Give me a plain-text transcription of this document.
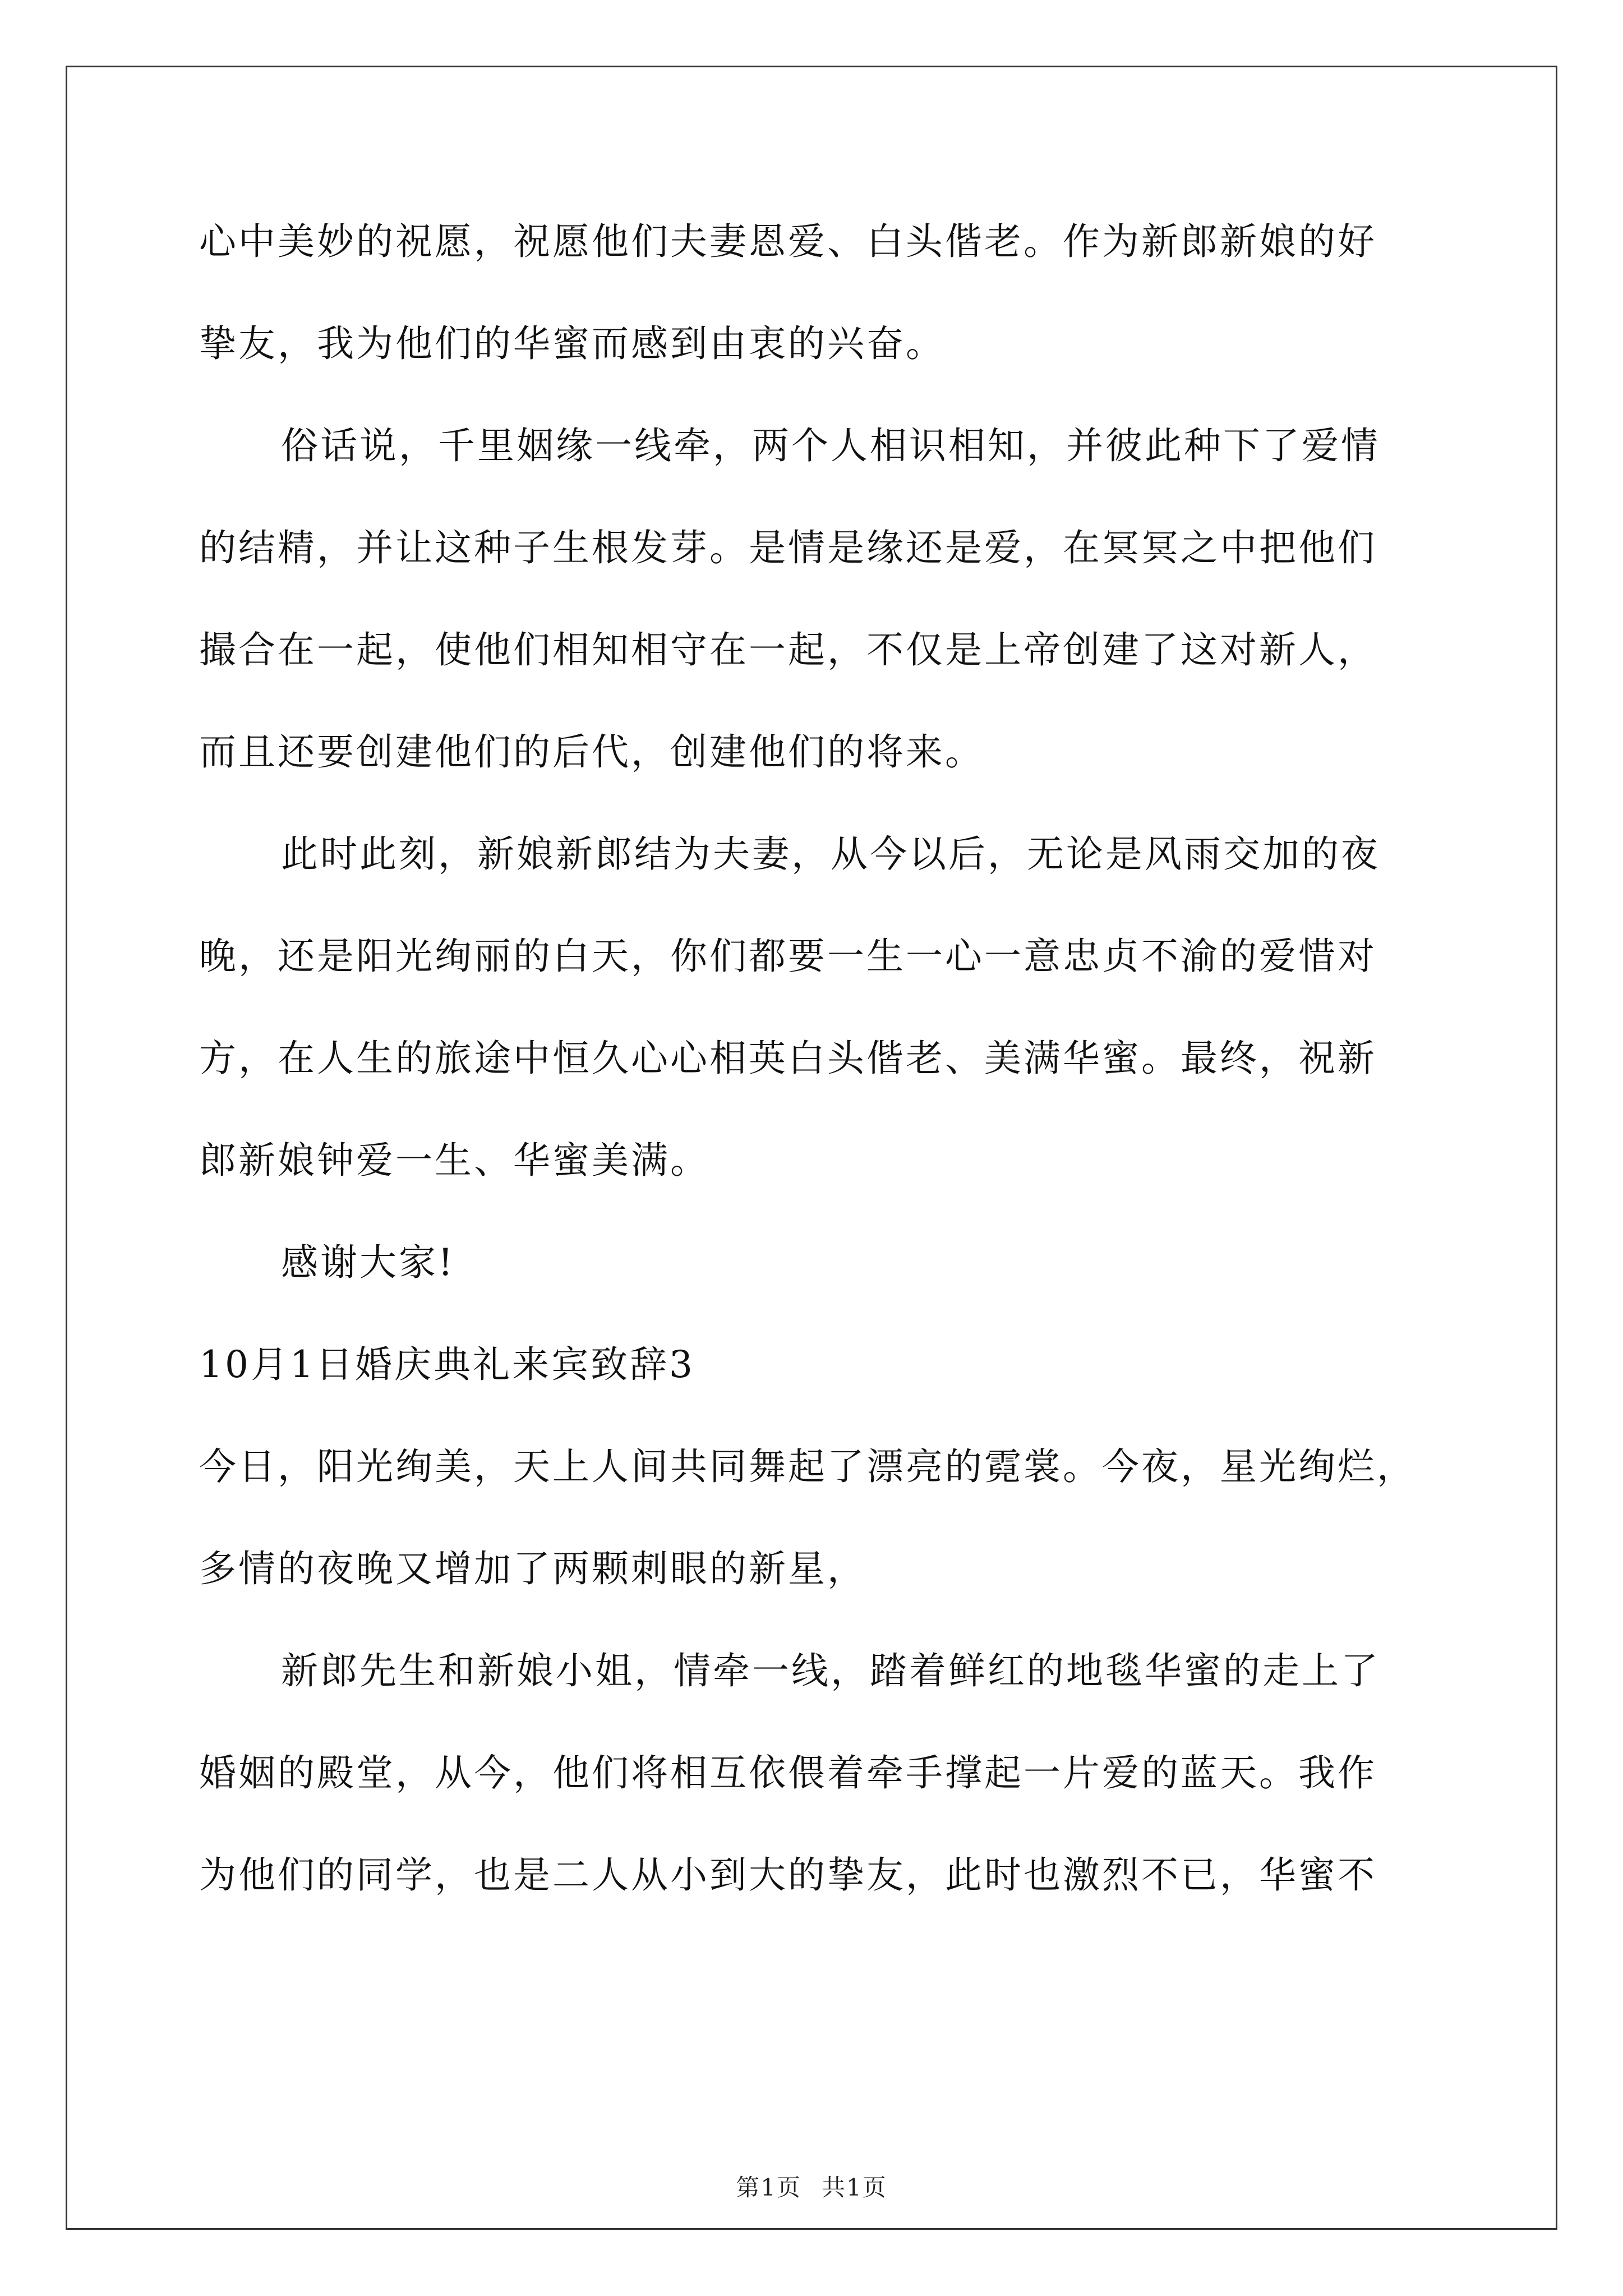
心中美妙的祝愿，祝愿他们夫妻恩爱、白头偕老。作为新郎新娘的好
挚友，我为他们的华蜜而感到由衷的兴奋。
俗话说，千里姻缘一线牵，两个人相识相知，并彼此种下了爱情
的结精，并让这种子生根发芽。是情是缘还是爱，在冥冥之中把他们
撮合在一起，使他们相知相守在一起，不仅是上帝创建了这对新人，
而且还要创建他们的后代，创建他们的将来。
此时此刻，新娘新郎结为夫妻，从今以后，无论是风雨交加的夜
晚，还是阳光绚丽的白天，你们都要一生一心一意忠贞不渝的爱惜对
方，在人生的旅途中恒久心心相英白头偕老、美满华蜜。最终，祝新
郎新娘钟爱一生、华蜜美满。
感谢大家!
10月1日婚庆典礼来宾致辞3
今日，阳光绚美，天上人间共同舞起了漂亮的霓裳。今夜，星光绚烂，
多情的夜晚又增加了两颗刺眼的新星，
新郎先生和新娘小姐，情牵一线，踏着鲜红的地毯华蜜的走上了
婚姻的殿堂，从今，他们将相互依偎着牵手撑起一片爱的蓝天。我作
为他们的同学，也是二人从小到大的挚友，此时也激烈不已，华蜜不
第1页 共1页
